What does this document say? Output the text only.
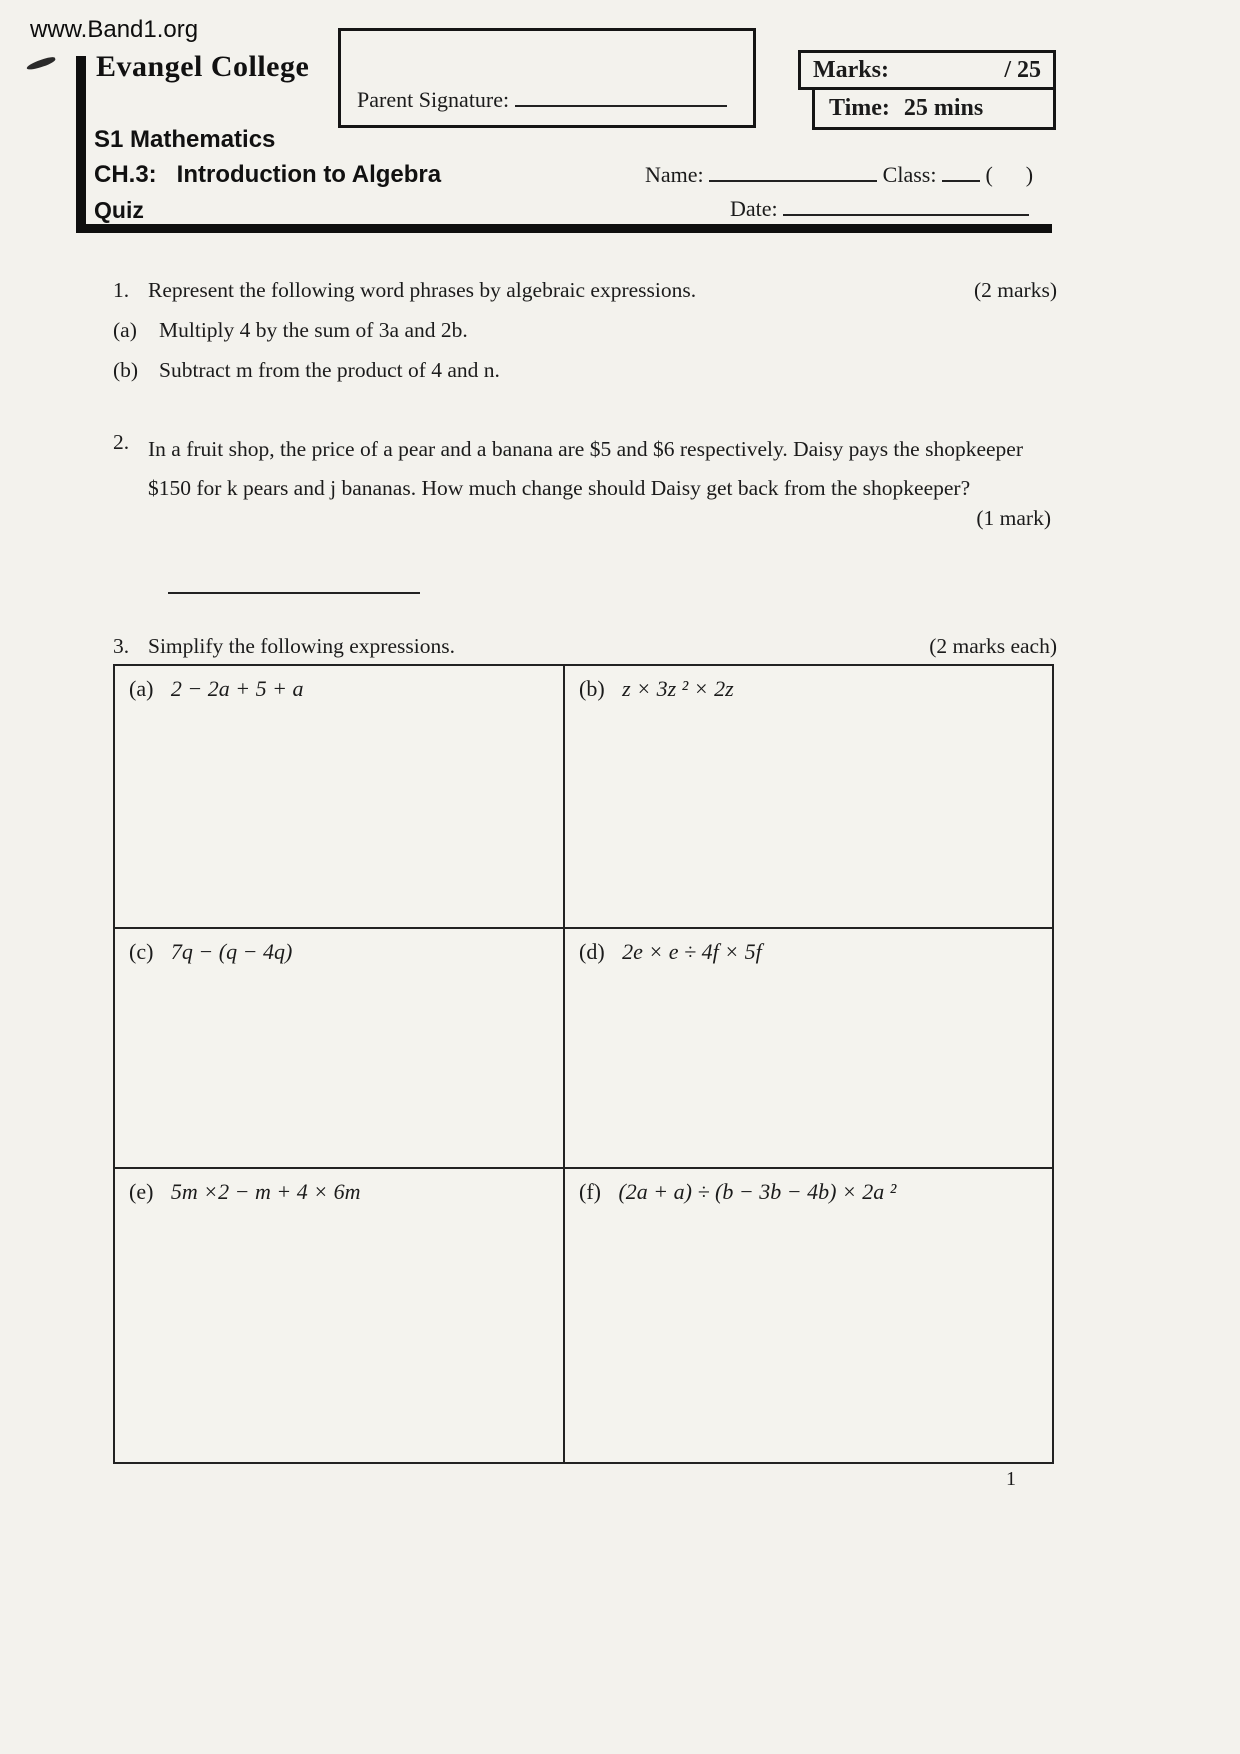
www.Band1.org
Evangel College
S1 Mathematics
CH.3:   Introduction to Algebra
Quiz
Parent Signature:
Marks:	/ 25
Time: 25 mins
Name:	Class: (      )
Date:
1. Represent the following word phrases by algebraic expressions.	(2 marks)
(a)	Multiply 4 by the sum of 3a and 2b.
(b) Subtract m from the product of 4 and n.
2. In a fruit shop, the price of a pear and a banana are $5 and $6 respectively. Daisy pays the shopkeeper $150 for k pears and j bananas. How much change should Daisy get back from the shopkeeper?
(1 mark)
3. Simplify the following expressions.	(2 marks each)
(a) 2 − 2a + 5 + a	(b) z × 3z ² × 2z
(c) 7q − (q − 4q)	(d) 2e × e ÷ 4f × 5f
(e) 5m ×2 − m + 4 × 6m	(f) (2a + a) ÷ (b − 3b − 4b) × 2a ²
1
